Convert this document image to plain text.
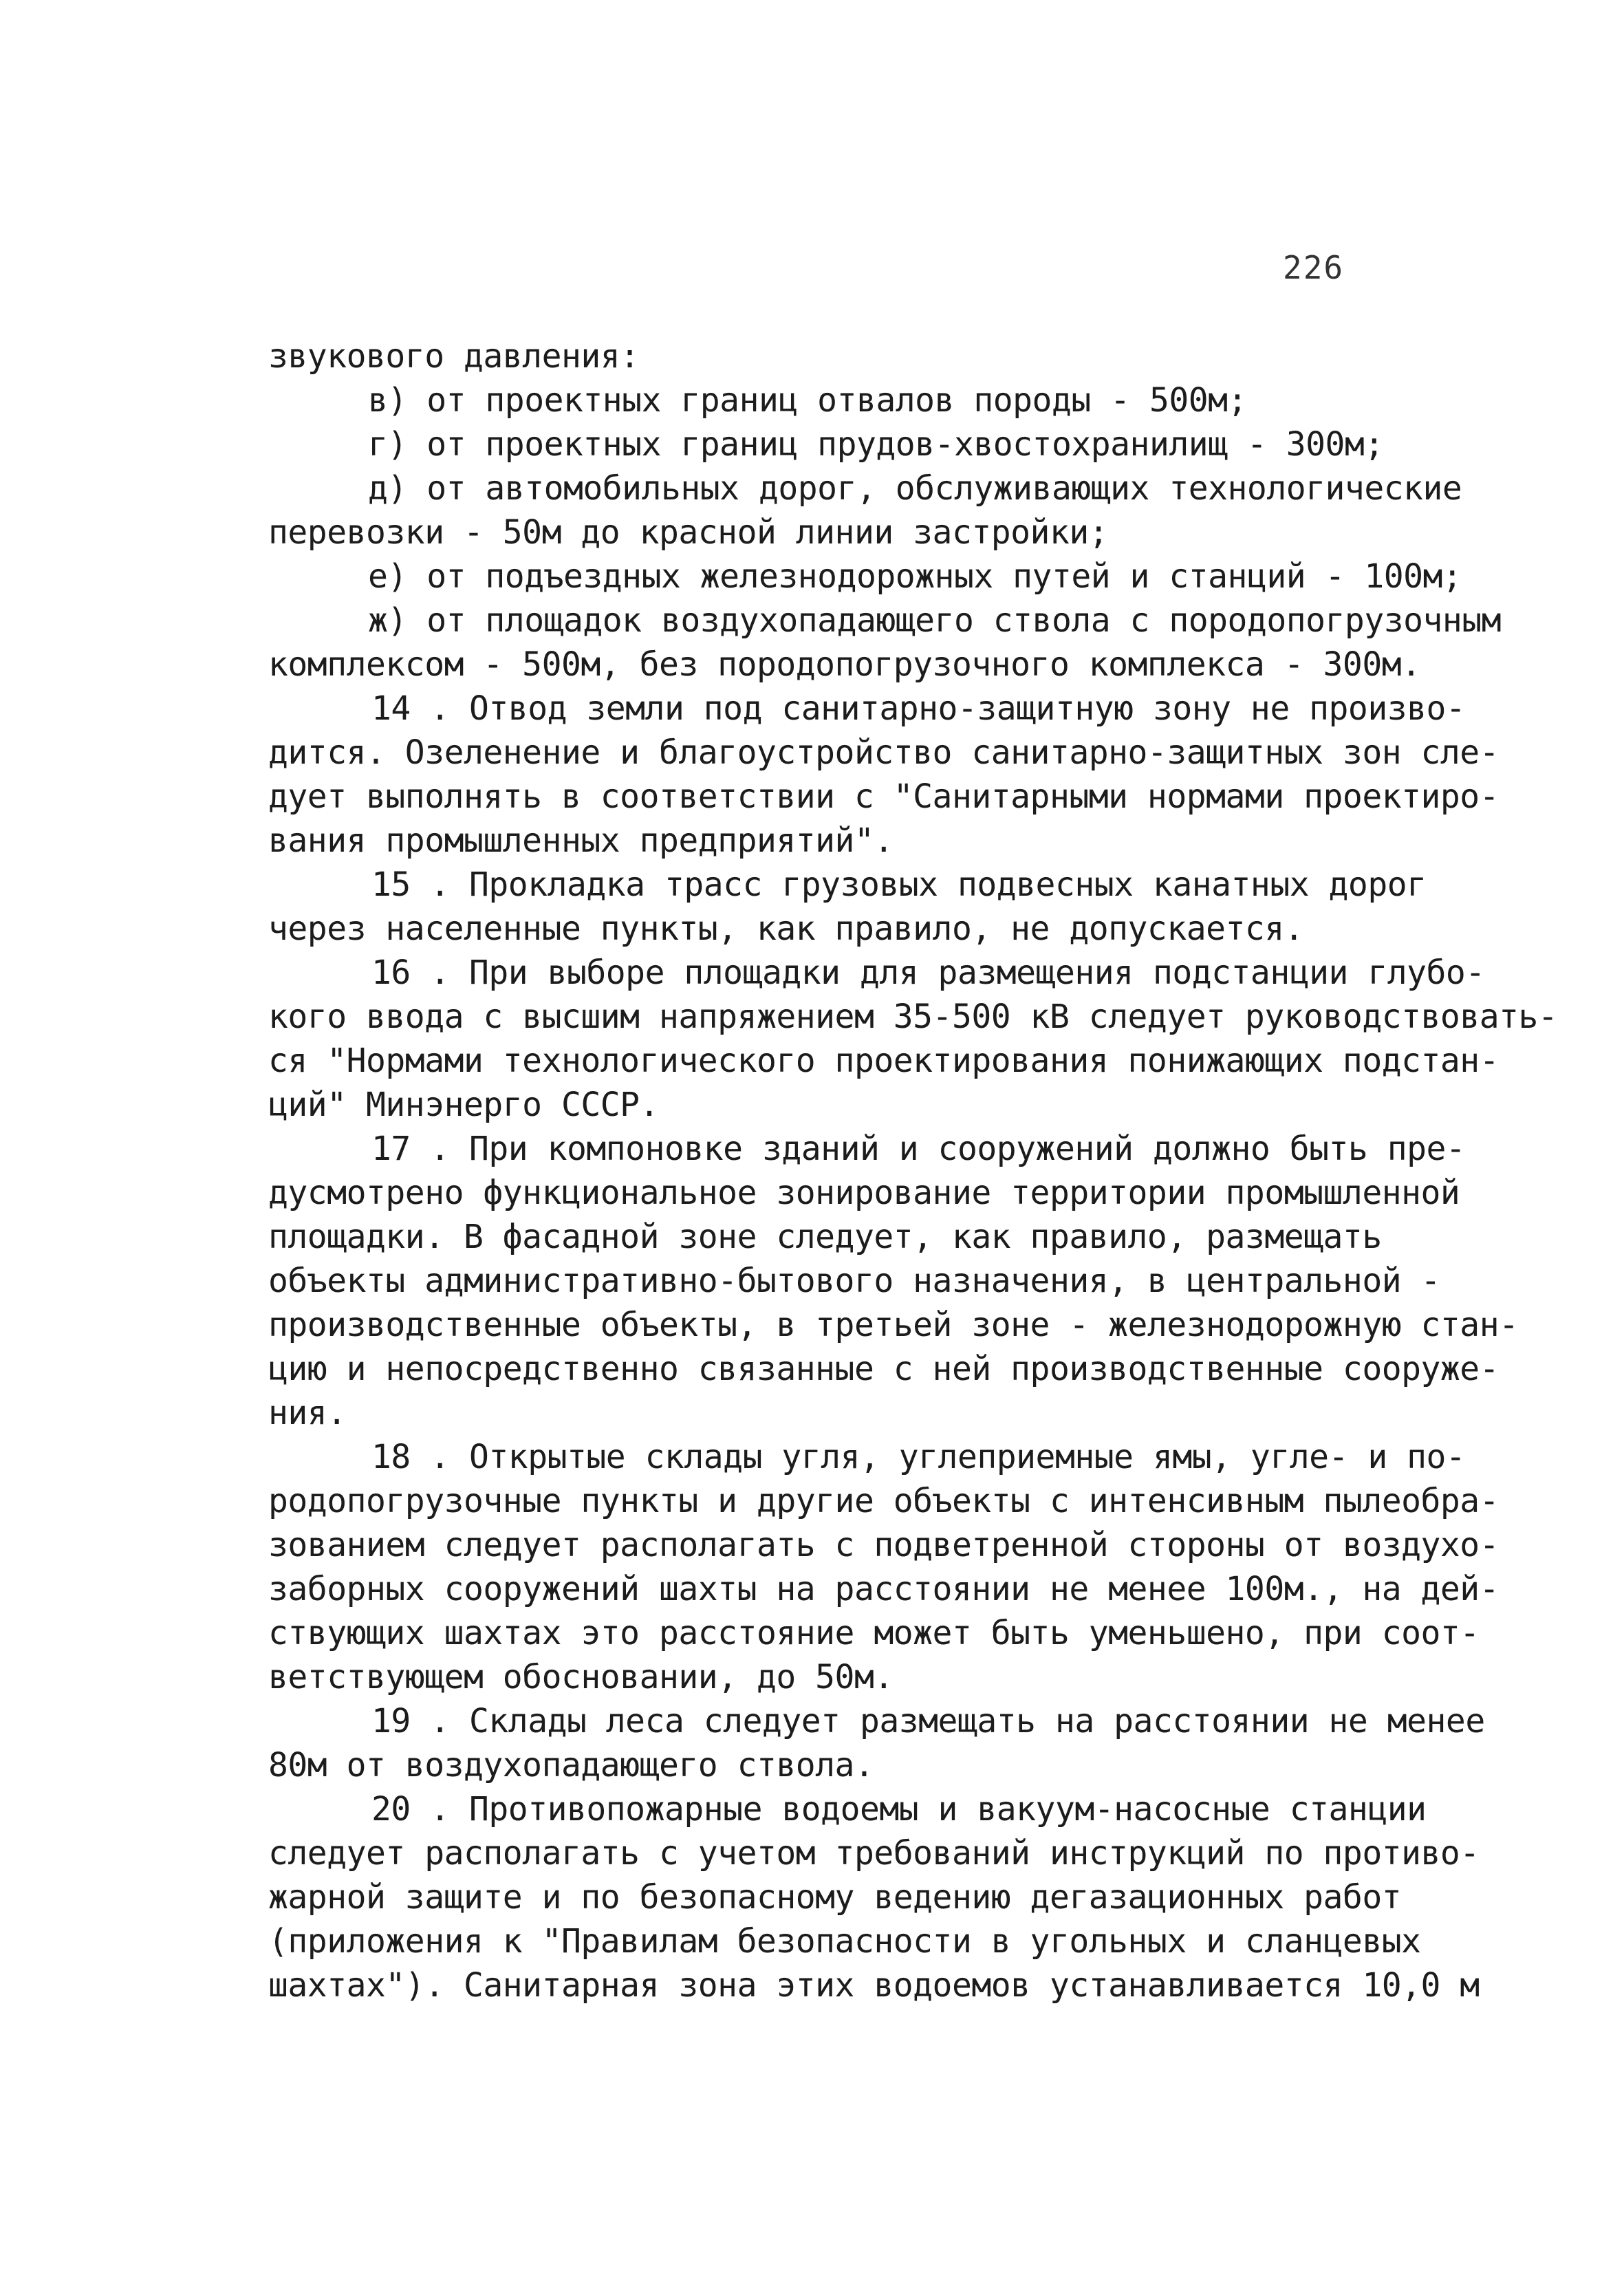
226
звукового давления:
в) от проектных границ отвалов породы - 500м;
г) от проектных границ прудов-хвостохранилищ - 300м;
д) от автомобильных дорог, обслуживающих технологические
перевозки - 50м до красной линии застройки;
е) от подъездных железнодорожных путей и станций - 100м;
ж) от площадок воздухопадающего ствола с породопогрузочным
комплексом - 500м, без породопогрузочного комплекса - 300м.
14 . Отвод земли под санитарно-защитную зону не произво-
дится. Озеленение и благоустройство санитарно-защитных зон сле-
дует выполнять в соответствии с "Санитарными нормами проектиро-
вания промышленных предприятий".
15 . Прокладка трасс грузовых подвесных канатных дорог
через населенные пункты, как правило, не допускается.
16 . При выборе площадки для размещения подстанции глубо-
кого ввода с высшим напряжением 35-500 кВ следует руководствовать-
ся "Нормами технологического проектирования понижающих подстан-
ций" Минэнерго СССР.
17 . При компоновке зданий и сооружений должно быть пре-
дусмотрено функциональное зонирование территории промышленной
площадки. В фасадной зоне следует, как правило, размещать
объекты административно-бытового назначения, в центральной -
производственные объекты, в третьей зоне - железнодорожную стан-
цию и непосредственно связанные с ней производственные сооруже-
ния.
18 . Открытые склады угля, углеприемные ямы, угле- и по-
родопогрузочные пункты и другие объекты с интенсивным пылеобра-
зованием следует располагать с подветренной стороны от воздухо-
заборных сооружений шахты на расстоянии не менее 100м., на дей-
ствующих шахтах это расстояние может быть уменьшено, при соот-
ветствующем обосновании, до 50м.
19 . Склады леса следует размещать на расстоянии не менее
80м от воздухопадающего ствола.
20 . Противопожарные водоемы и вакуум-насосные станции
следует располагать с учетом требований инструкций по противо-
жарной защите и по безопасному ведению дегазационных работ
(приложения к "Правилам безопасности в угольных и сланцевых
шахтах"). Санитарная зона этих водоемов устанавливается 10,0 м
